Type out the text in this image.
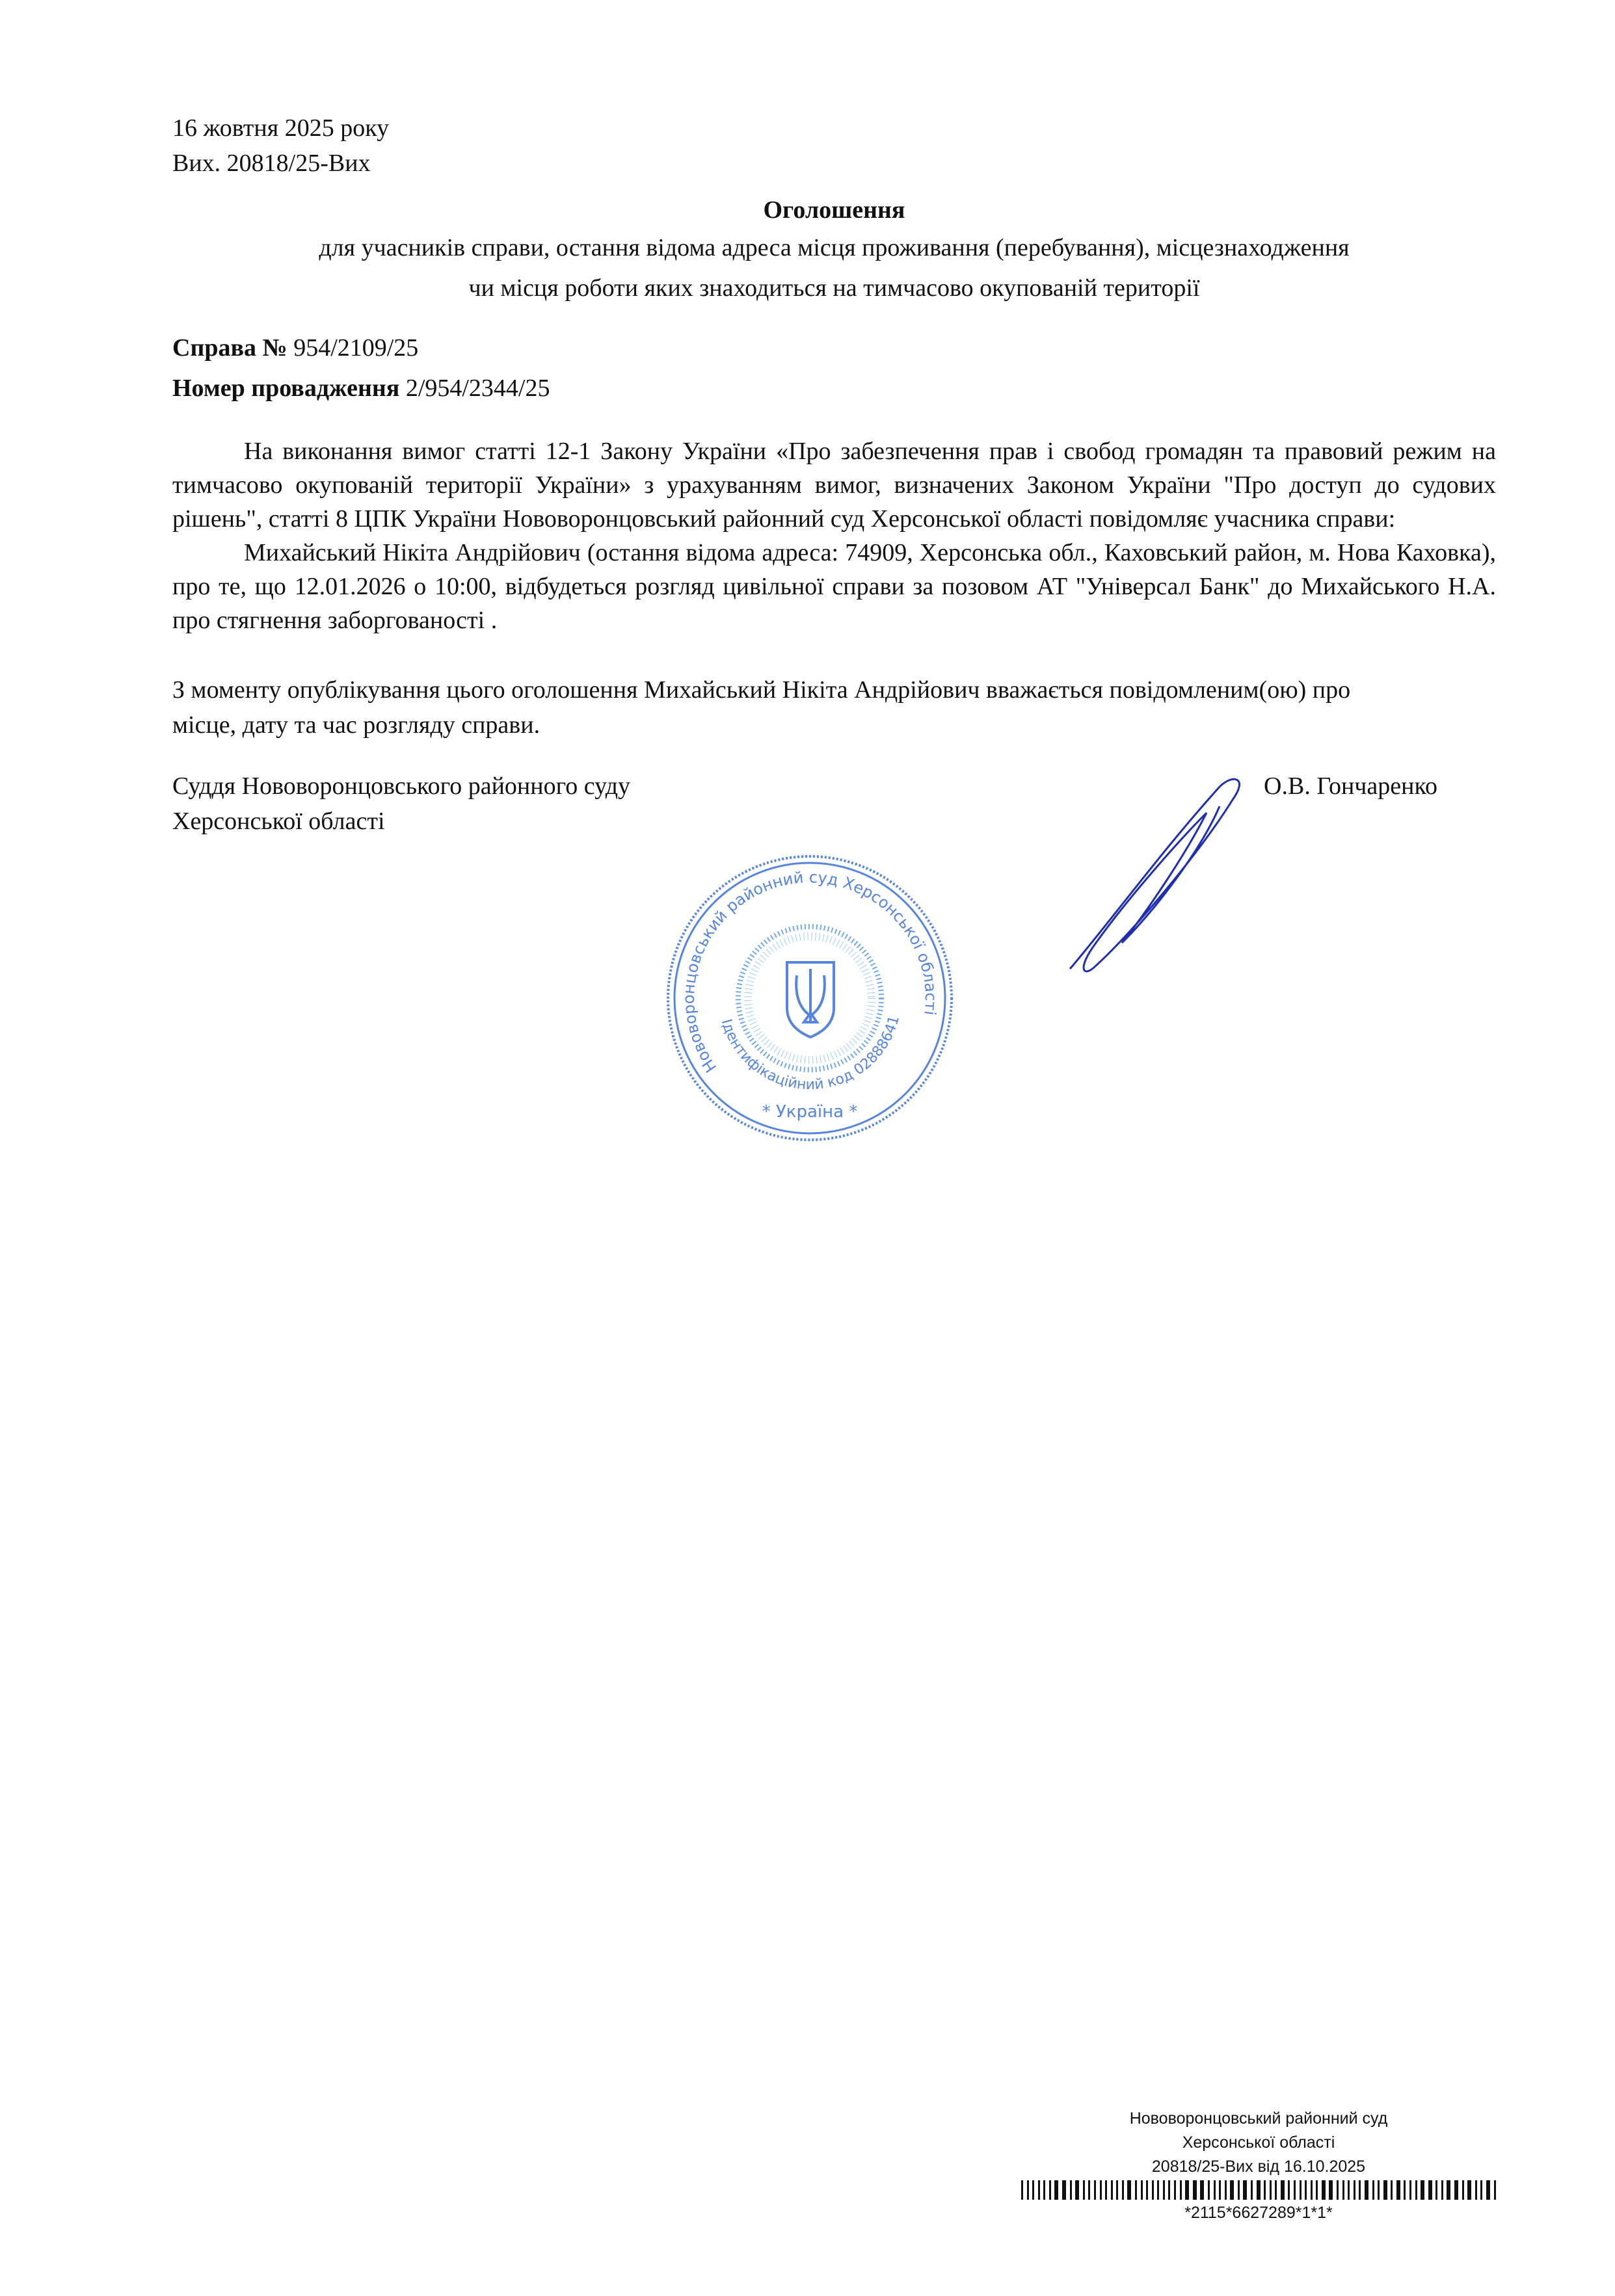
16 жовтня 2025 року
Вих. 20818/25-Вих
Оголошення
для учасників справи, остання відома адреса місця проживання (перебування), місцезнаходження
чи місця роботи яких знаходиться на тимчасово окупованій території
Справа № 954/2109/25
Номер провадження 2/954/2344/25

На виконання вимог статті 12-1 Закону України «Про забезпечення прав і свобод громадян та правовий режим на тимчасово окупованій території України» з урахуванням вимог, визначених Законом України "Про доступ до судових рішень", статті 8 ЦПК України Нововоронцовський районний суд Херсонської області повідомляє учасника справи:

Михайський Нікіта Андрійович (остання відома адреса: 74909, Херсонська обл., Каховський район, м. Нова Каховка), про те, що 12.01.2026 о 10:00, відбудеться розгляд цивільної справи за позовом АТ "Універсал Банк" до Михайського Н.А. про стягнення заборгованості .

З моменту опублікування цього оголошення Михайський Нікіта Андрійович вважається повідомленим(ою) про місце, дату та час розгляду справи.
Суддя Нововоронцовського районного суду
Херсонської області
О.В. Гончаренко
Нововоронцовський районний суд Херсонської області
Ідентифікаційний код 02888641
* Україна *
Нововоронцовський районний суд
Херсонської області
20818/25-Вих від 16.10.2025
*2115*6627289*1*1*
